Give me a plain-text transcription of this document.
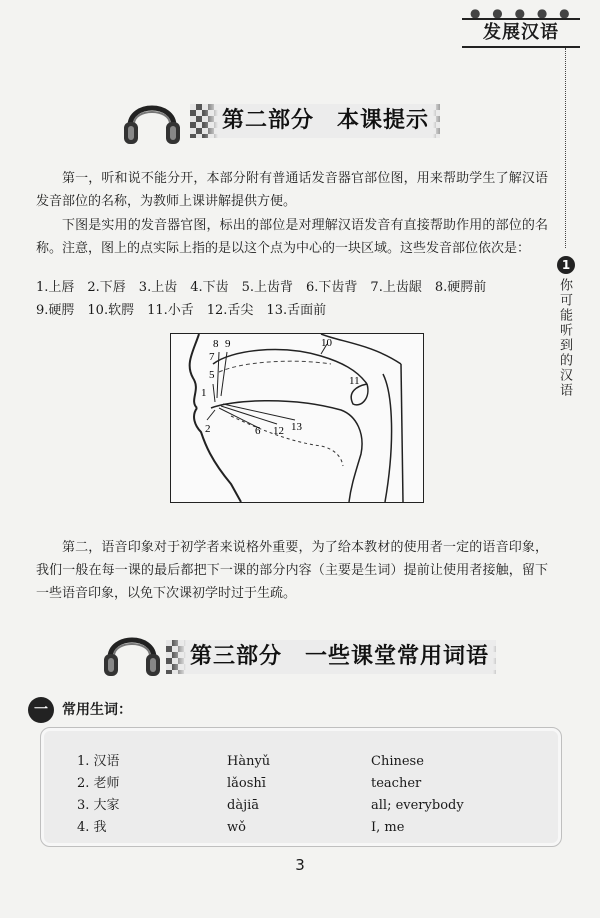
● ● ● ● ●
发展汉语
1
你可能听到的汉语
第二部分　本课提示

第一，听和说不能分开，本部分附有普通话发音器官部位图，用来帮助学生了解汉语发音部位的名称，为教师上课讲解提供方便。

下图是实用的发音器官图，标出的部位是对理解汉语发音有直接帮助作用的部位的名称。注意，图上的点实际上指的是以这个点为中心的一块区域。这些发音部位依次是：

1.上唇　2.下唇　3.上齿　4.下齿　5.上齿背　6.下齿背　7.上齿龈　8.硬腭前
9.硬腭　10.软腭　11.小舌　12.舌尖　13.舌面前
1
2
5
6
7
8 9	10
11
12 13

第二，语音印象对于初学者来说格外重要，为了给本教材的使用者一定的语音印象，我们一般在每一课的最后都把下一课的部分内容（主要是生词）提前让使用者接触，留下一些语音印象，以免下次课初学时过于生疏。

第三部分　一些课堂常用词语
一	常用生词：
1. 汉语	Hànyǔ	Chinese
2. 老师	lǎoshī	teacher
3. 大家	dàjiā	all; everybody
4. 我	wǒ	I, me
3
